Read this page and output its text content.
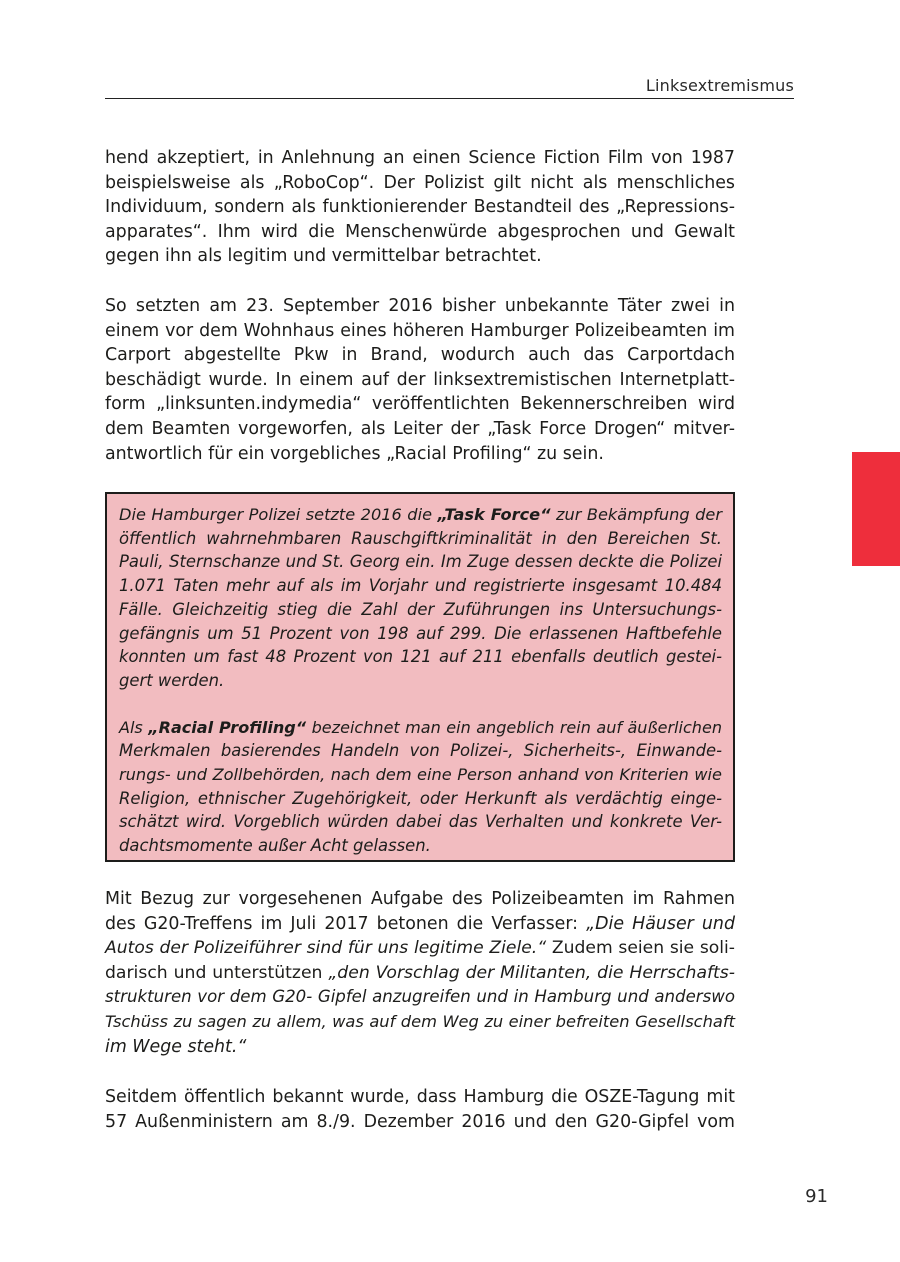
Linksextremismus
hend akzeptiert, in Anlehnung an einen Science Fiction Film von 1987
beispielsweise als „RoboCop“. Der Polizist gilt nicht als menschliches
Individuum, sondern als funktionierender Bestandteil des „Repressions-
apparates“. Ihm wird die Menschenwürde abgesprochen und Gewalt
gegen ihn als legitim und vermittelbar betrachtet.
So setzten am 23. September 2016 bisher unbekannte Täter zwei in
einem vor dem Wohnhaus eines höheren Hamburger Polizeibeamten im
Carport abgestellte Pkw in Brand, wodurch auch das Carportdach
beschädigt wurde. In einem auf der linksextremistischen Internetplatt-
form „linksunten.indymedia“ veröffentlichten Bekennerschreiben wird
dem Beamten vorgeworfen, als Leiter der „Task Force Drogen“ mitver-
antwortlich für ein vorgebliches „Racial Profiling“ zu sein.
Die Hamburger Polizei setzte 2016 die „Task Force“ zur Bekämpfung der
öffentlich wahrnehmbaren Rauschgiftkriminalität in den Bereichen St.
Pauli, Sternschanze und St. Georg ein. Im Zuge dessen deckte die Polizei
1.071 Taten mehr auf als im Vorjahr und registrierte insgesamt 10.484
Fälle. Gleichzeitig stieg die Zahl der Zuführungen ins Untersuchungs-
gefängnis um 51 Prozent von 198 auf 299. Die erlassenen Haftbefehle
konnten um fast 48 Prozent von 121 auf 211 ebenfalls deutlich gestei-
gert werden.
Als „Racial Profiling“ bezeichnet man ein angeblich rein auf äußerlichen
Merkmalen basierendes Handeln von Polizei-, Sicherheits-, Einwande-
rungs- und Zollbehörden, nach dem eine Person anhand von Kriterien wie
Religion, ethnischer Zugehörigkeit, oder Herkunft als verdächtig einge-
schätzt wird. Vorgeblich würden dabei das Verhalten und konkrete Ver-
dachtsmomente außer Acht gelassen.
Mit Bezug zur vorgesehenen Aufgabe des Polizeibeamten im Rahmen
des G20-Treffens im Juli 2017 betonen die Verfasser: „Die Häuser und
Autos der Polizeiführer sind für uns legitime Ziele.“ Zudem seien sie soli-
darisch und unterstützen „den Vorschlag der Militanten, die Herrschafts-
strukturen vor dem G20- Gipfel anzugreifen und in Hamburg und anderswo
Tschüss zu sagen zu allem, was auf dem Weg zu einer befreiten Gesellschaft
im Wege steht.“
Seitdem öffentlich bekannt wurde, dass Hamburg die OSZE-Tagung mit
57 Außenministern am 8./9. Dezember 2016 und den G20-Gipfel vom
91
